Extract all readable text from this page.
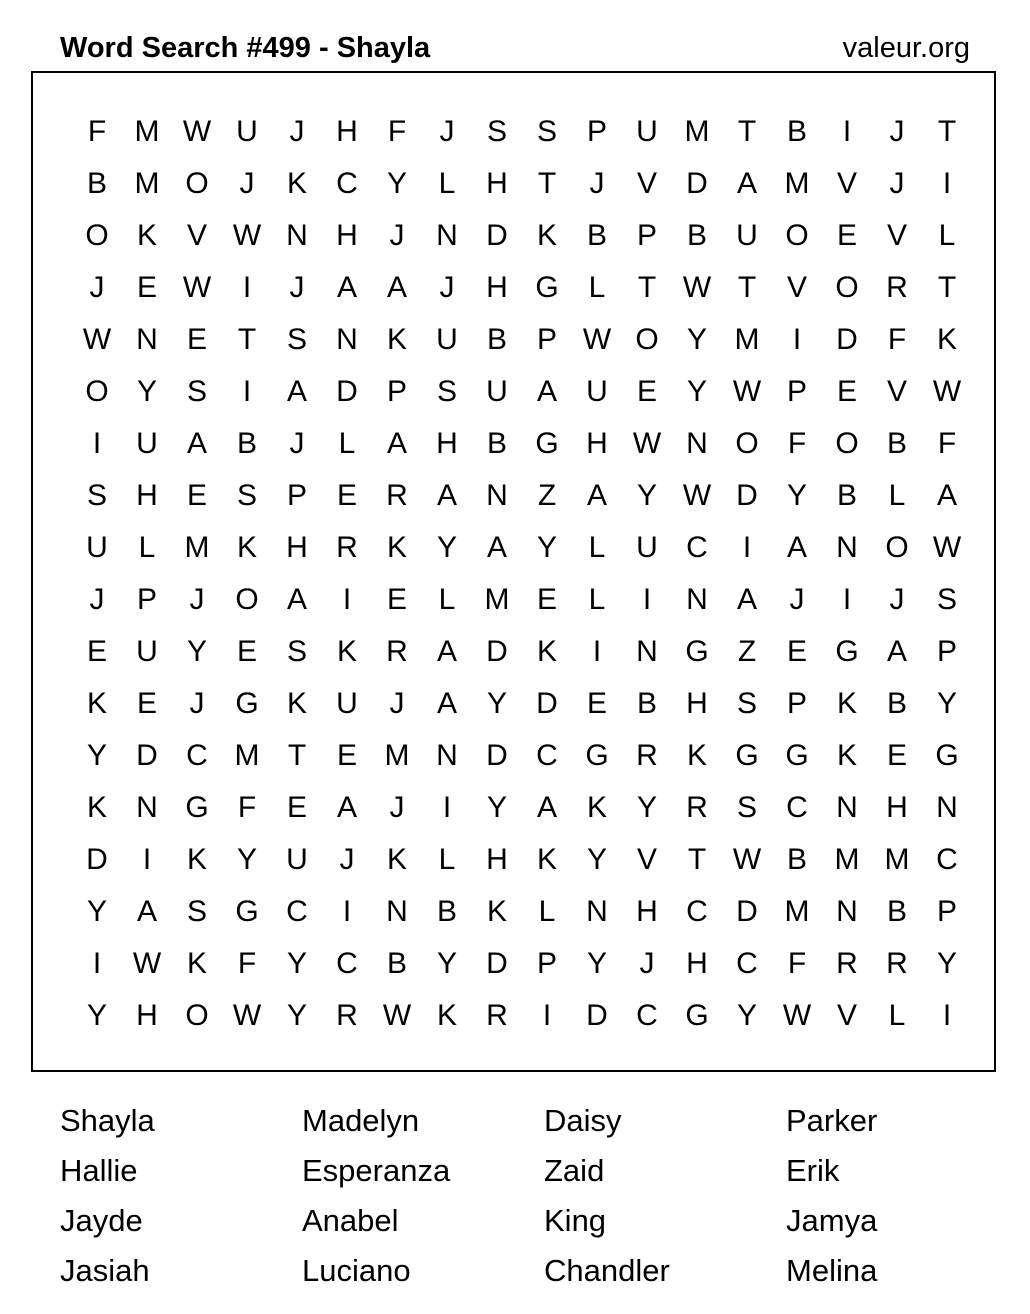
Word Search #499 - Shayla	valeur.org
F M W U	J	H	F	J	S S P U M T	B	I	J	T
B M O	J	K C Y	L	H	T	J	V D A M V	J	I
O K V W N H	J	N D K B P B U O E V	L
J	E W	I	J	A A	J	H G L	T W T	V O R	T
W N E	T	S N K U B P W O Y M	I	D	F	K
O Y S	I	A D P S U A U E Y W P E V W
I	U A B	J	L	A H B G H W N O F O B	F
S H E S P E R A N	Z	A Y W D Y B	L	A
U	L M K H R K Y A Y	L	U C	I	A N O W
J	P	J	O A	I	E	L M E	L	I	N A	J	I	J	S
E U Y E S K R A D K	I	N G Z	E G A P
K E	J	G K U	J	A Y D E B H S P K B Y
Y D C M T	E M N D C G R K G G K E G
K N G F	E A	J	I	Y A K Y R S C N H N
D	I	K Y U	J	K	L	H K Y V	T W B M M C
Y A S G C	I	N B K	L	N H C D M N B P
I	W K	F	Y C B Y D P Y	J	H C	F	R R Y
Y H O W Y R W K R	I	D C G Y W V	L	I
Shayla	Madelyn	Daisy	Parker
Hallie	Esperanza	Zaid	Erik
Jayde	Anabel	King	Jamya
Jasiah	Luciano	Chandler	Melina
